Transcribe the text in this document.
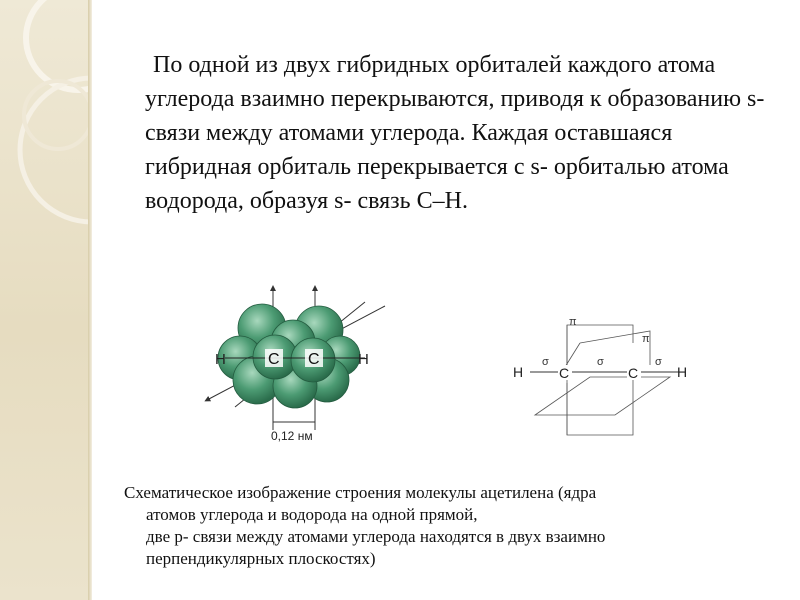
По одной из двух гибридных орбиталей каждого атома углерода взаимно перекрываются, приводя к образованию s- связи между атомами углерода. Каждая оставшаяся гибридная орбиталь перекрывается с s- орбиталью атома водорода, образуя s- связь С–Н.

H	C C	H
0,12 нм
π
π
σ	σ	σ
H	C	C	H

Схематическое изображение строения молекулы ацетилена (ядра

атомов углерода и водорода на одной прямой,

две р- связи между атомами углерода находятся в двух взаимно

перпендикулярных плоскостях)
